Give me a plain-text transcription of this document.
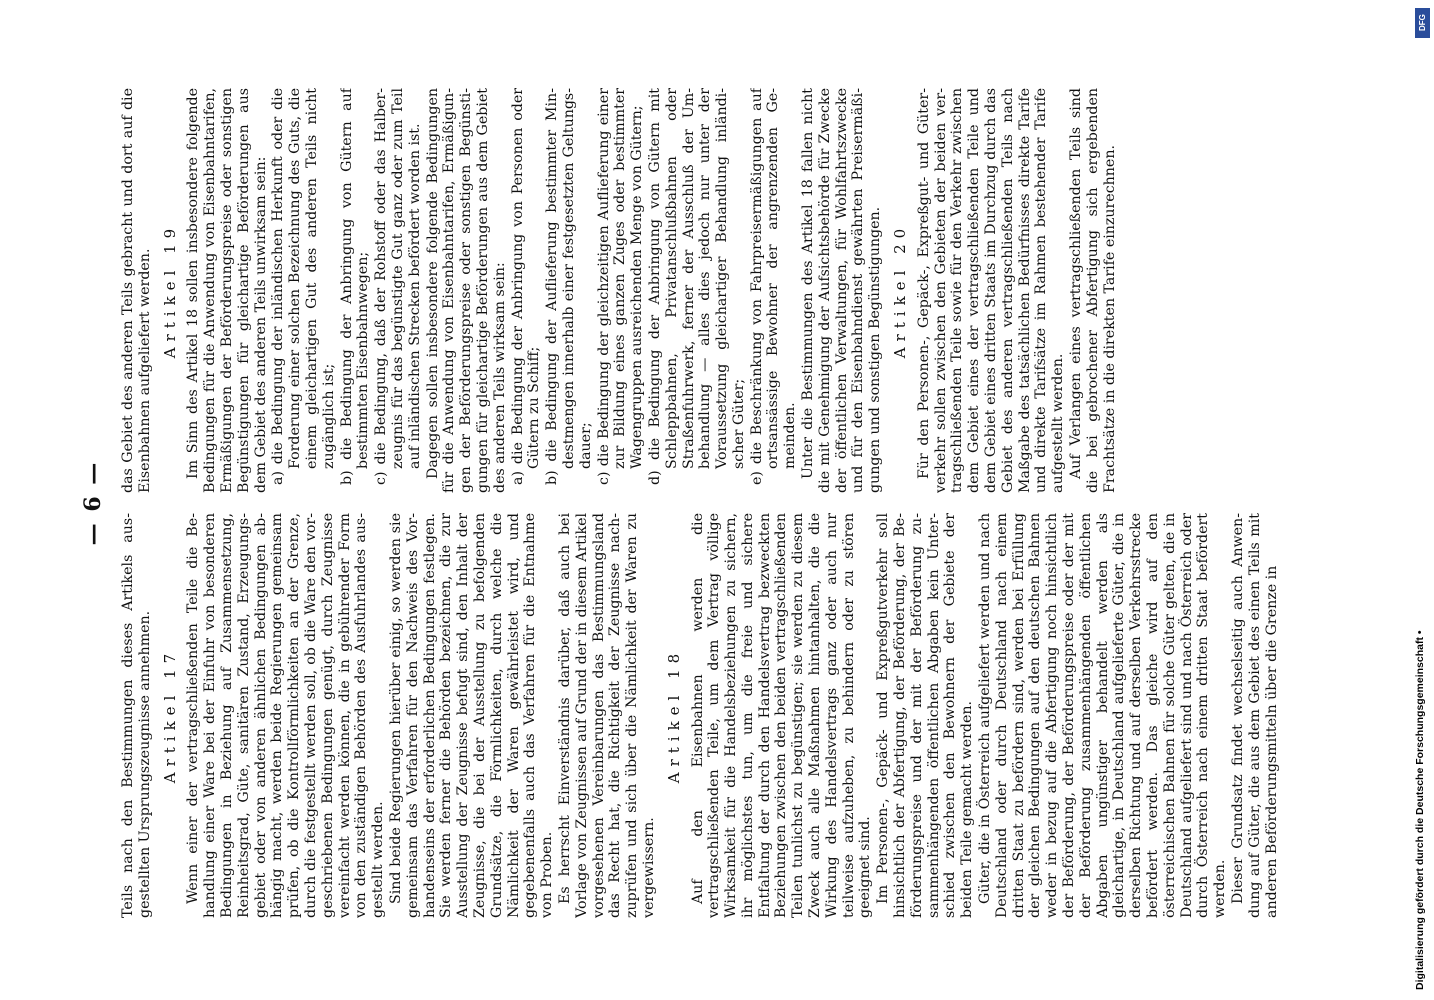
— 6 —

Teils nach den Bestimmungen dieses Artikels ausgestellten Ursprungszeugnisse annehmen. Artikel 17 Wenn einer der vertragschließenden Teile die Behandlung einer Ware bei der Einfuhr von besonderen Bedingungen in Beziehung auf Zusammensetzung, Reinheitsgrad, Güte, sanitären Zustand, Erzeugungsgebiet oder von anderen ähnlichen Bedingungen abhängig macht, werden beide Regierungen gemeinsam prüfen, ob die Kontrollförmlichkeiten an der Grenze, durch die festgestellt werden soll, ob die Ware den vorgeschriebenen Bedingungen genügt, durch Zeugnisse vereinfacht werden können, die in gebührender Form von den zuständigen Behörden des Ausfuhrlandes ausgestellt werden. Sind beide Regierungen hierüber einig, so werden sie gemeinsam das Verfahren für den Nachweis des Vorhandenseins der erforderlichen Bedingungen festlegen. Sie werden ferner die Behörden bezeichnen, die zur Ausstellung der Zeugnisse befugt sind, den Inhalt der Zeugnisse, die bei der Ausstellung zu befolgenden Grundsätze, die Förmlichkeiten, durch welche die Nämlichkeit der Waren gewährleistet wird, und gegebenenfalls auch das Verfahren für die Entnahme von Proben. Es herrscht Einverständnis darüber, daß auch bei Vorlage von Zeugnissen auf Grund der in diesem Artikel vorgesehenen Vereinbarungen das Bestimmungsland das Recht hat, die Richtigkeit der Zeugnisse nachzuprüfen und sich über die Nämlichkeit der Waren zu vergewissern.

Artikel 18 Auf den Eisenbahnen werden die vertragschließenden Teile, um dem Vertrag völlige Wirksamkeit für die Handelsbeziehungen zu sichern, ihr möglichstes tun, um die freie und sichere Entfaltung der durch den Handelsvertrag bezweckten Beziehungen zwischen den beiden vertragschließenden Teilen tunlichst zu begünstigen; sie werden zu diesem Zweck auch alle Maßnahmen hintanhalten, die die Wirkung des Handelsvertrags ganz oder auch nur teilweise aufzuheben, zu behindern oder zu stören geeignet sind. Im Personen-, Gepäck- und Expreßgutverkehr soll hinsichtlich der Abfertigung, der Beförderung, der Beförderungspreise und der mit der Beförderung zusammenhängenden öffentlichen Abgaben kein Unterschied zwischen den Bewohnern der Gebiete der beiden Teile gemacht werden. Güter, die in Österreich aufgeliefert werden und nach Deutschland oder durch Deutschland nach einem dritten Staat zu befördern sind, werden bei Erfüllung der gleichen Bedingungen auf den deutschen Bahnen weder in bezug auf die Abfertigung noch hinsichtlich der Beförderung, der Beförderungspreise oder der mit der Beförderung zusammenhängenden öffentlichen Abgaben ungünstiger behandelt werden als gleichartige, in Deutschland aufgelieferte Güter, die in derselben Richtung und auf derselben Verkehrsstrecke befördert werden. Das gleiche wird auf den österreichischen Bahnen für solche Güter gelten, die in Deutschland aufgeliefert sind und nach Österreich oder durch Österreich nach einem dritten Staat befördert werden. Dieser Grundsatz findet wechselseitig auch Anwendung auf Güter, die aus dem Gebiet des einen Teils mit anderen Beförderungsmitteln über die Grenze in

das Gebiet des anderen Teils gebracht und dort auf die Eisenbahnen aufgeliefert werden. Artikel 19 Im Sinn des Artikel 18 sollen insbesondere folgende Bedingungen für die Anwendung von Eisenbahntarifen, Ermäßigungen der Beförderungspreise oder sonstigen Begünstigungen für gleichartige Beförderungen aus dem Gebiet des anderen Teils unwirksam sein: a) die Bedingung der inländischen Herkunft oder die Forderung einer solchen Bezeichnung des Guts, die einem gleichartigen Gut des anderen Teils nicht zugänglich ist;
b) die Bedingung der Anbringung von Gütern auf bestimmten Eisenbahnwegen;
c) die Bedingung, daß der Rohstoff oder das Halberzeugnis für das begünstigte Gut ganz oder zum Teil auf inländischen Strecken befördert worden ist. Dagegen sollen insbesondere folgende Bedingungen für die Anwendung von Eisenbahntarifen, Ermäßigungen der Beförderungspreise oder sonstigen Begünstigungen für gleichartige Beförderungen aus dem Gebiet des anderen Teils wirksam sein: a) die Bedingung der Anbringung von Personen oder Gütern zu Schiff;
b) die Bedingung der Auflieferung bestimmter Mindestmengen innerhalb einer festgesetzten Geltungsdauer;
c) die Bedingung der gleichzeitigen Auflieferung einer zur Bildung eines ganzen Zuges oder bestimmter Wagengruppen ausreichenden Menge von Gütern;
d) die Bedingung der Anbringung von Gütern mit Schleppbahnen, Privatanschlußbahnen oder Straßenfuhrwerk, ferner der Ausschluß der Umbehandlung — alles dies jedoch nur unter der Voraussetzung gleichartiger Behandlung inländischer Güter;
e) die Beschränkung von Fahrpreisermäßigungen auf ortsansässige Bewohner der angrenzenden Gemeinden. Unter die Bestimmungen des Artikel 18 fallen nicht die mit Genehmigung der Aufsichtsbehörde für Zwecke der öffentlichen Verwaltungen, für Wohlfahrtszwecke und für den Eisenbahndienst gewährten Preisermäßigungen und sonstigen Begünstigungen. Artikel 20 Für den Personen-, Gepäck-, Expreßgut- und Güterverkehr sollen zwischen den Gebieten der beiden vertragschließenden Teile sowie für den Verkehr zwischen dem Gebiet eines der vertragschließenden Teile und dem Gebiet eines dritten Staats im Durchzug durch das Gebiet des anderen vertragschließenden Teils nach Maßgabe des tatsächlichen Bedürfnisses direkte Tarife und direkte Tarifsätze im Rahmen bestehender Tarife aufgestellt werden. Auf Verlangen eines vertragschließenden Teils sind die bei gebrochener Abfertigung sich ergebenden Frachtsätze in die direkten Tarife einzurechnen.

DFG
Digitalisierung gefördert durch die Deutsche Forschungsgemeinschaft •
